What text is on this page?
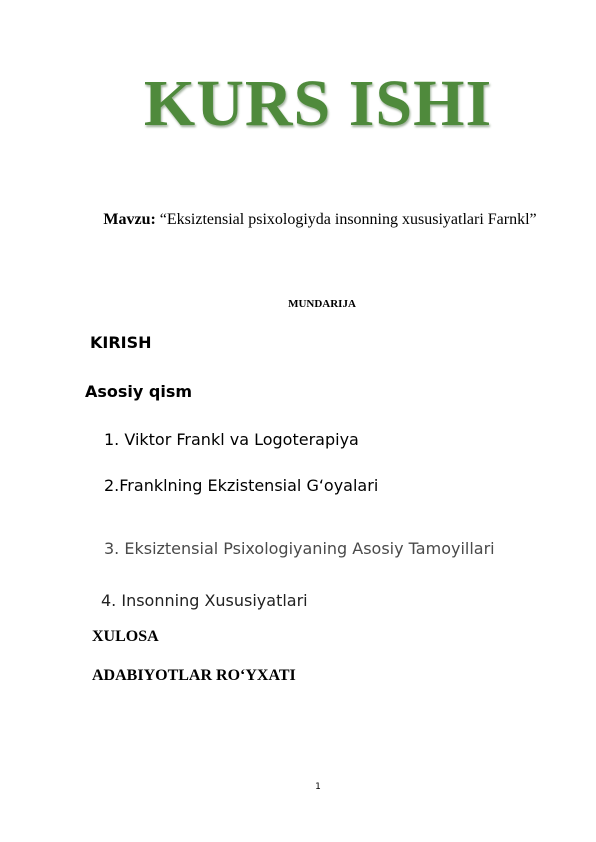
KURS ISHI
Mavzu: “Eksiztensial psixologiyda insonning xususiyatlari Farnkl”
MUNDARIJA
KIRISH
Asosiy qism
1. Viktor Frankl va Logoterapiya
2.Franklning Ekzistensial G‘oyalari
3. Eksiztensial Psixologiyaning Asosiy Tamoyillari
4. Insonning Xususiyatlari
XULOSA
ADABIYOTLAR RO‘YXATI
1
